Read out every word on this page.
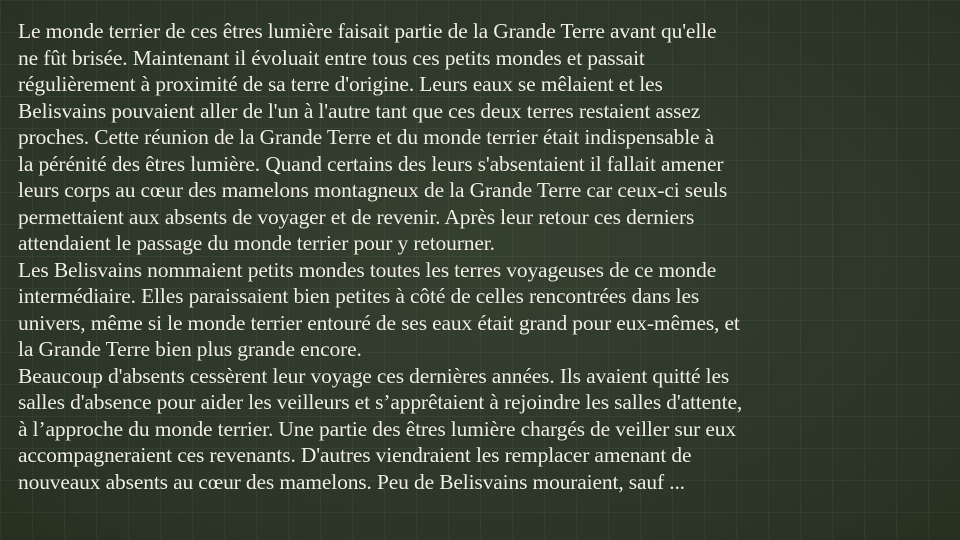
Le monde terrier de ces êtres lumière faisait partie de la Grande Terre avant qu'elle
ne fût brisée. Maintenant il évoluait entre tous ces petits mondes et passait
régulièrement à proximité de sa terre d'origine. Leurs eaux se mêlaient et les
Belisvains pouvaient aller de l'un à l'autre tant que ces deux terres restaient assez
proches. Cette réunion de la Grande Terre et du monde terrier était indispensable à
la pérénité des êtres lumière. Quand certains des leurs s'absentaient il fallait amener
leurs corps au cœur des mamelons montagneux de la Grande Terre car ceux-ci seuls
permettaient aux absents de voyager et de revenir. Après leur retour ces derniers
attendaient le passage du monde terrier pour y retourner.

Les Belisvains nommaient petits mondes toutes les terres voyageuses de ce monde
intermédiaire. Elles paraissaient bien petites à côté de celles rencontrées dans les
univers, même si le monde terrier entouré de ses eaux était grand pour eux-mêmes, et
la Grande Terre bien plus grande encore.

Beaucoup d'absents cessèrent leur voyage ces dernières années. Ils avaient quitté les
salles d'absence pour aider les veilleurs et s’apprêtaient à rejoindre les salles d'attente,
à l’approche du monde terrier. Une partie des êtres lumière chargés de veiller sur eux
accompagneraient ces revenants. D'autres viendraient les remplacer amenant de
nouveaux absents au cœur des mamelons. Peu de Belisvains mouraient, sauf ...
